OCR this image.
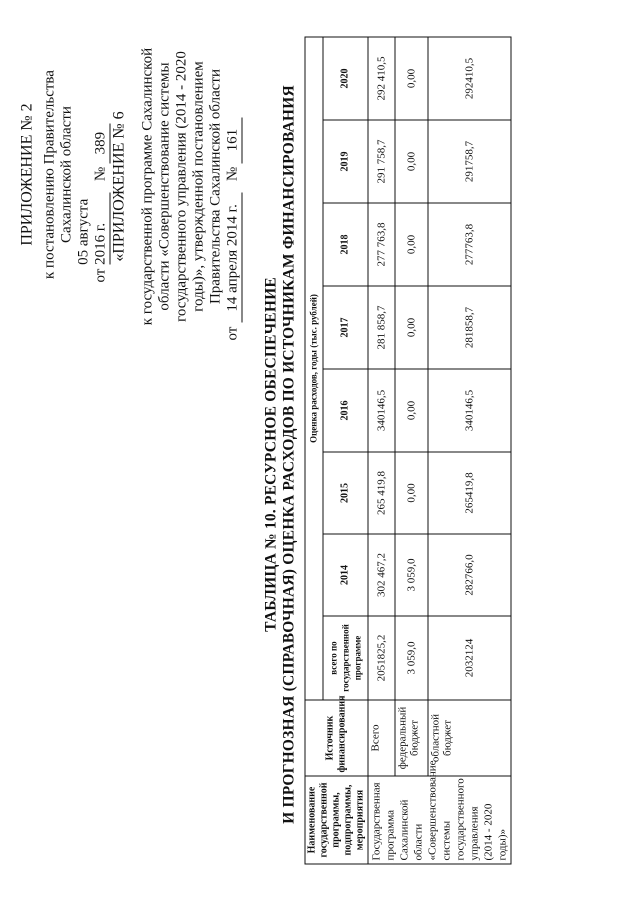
ПРИЛОЖЕНИЕ № 2 к постановлению Правительства Сахалинской области
от 05 августа 2016 г. № 389 «ПРИЛОЖЕНИЕ № 6 к государственной программе Сахалинской области «Совершенствование системы государственного управления (2014 - 2020 годы)», утвержденной постановлением Правительства Сахалинской области
от 14 апреля 2014 г. № 161
ТАБЛИЦА № 10. РЕСУРСНОЕ ОБЕСПЕЧЕНИЕ И ПРОГНОЗНАЯ (СПРАВОЧНАЯ) ОЦЕНКА РАСХОДОВ ПО ИСТОЧНИКАМ ФИНАНСИРОВАНИЯ Наименование государственной программы, подпрограммы, мероприятия	Источник финансирования	Оценка расходов, годы (тыс. рублей)							
		всего по государственной программе	2014	2015	2016	2017	2018	2019	2020
Государственная программа Сахалинской области «Совершенствование системы государственного управления (2014 - 2020 годы)»	Всего	2051825,2	302 467,2	265 419,8	340146,5	281 858,7	277 763,8	291 758,7	292 410,5
	федеральный бюджет	3 059,0	3 059,0	0,00	0,00	0,00	0,00	0,00	0,00
	областной бюджет	2032124	282766,0	265419,8	340146,5	281858,7	277763,8	291758,7	292410,5
